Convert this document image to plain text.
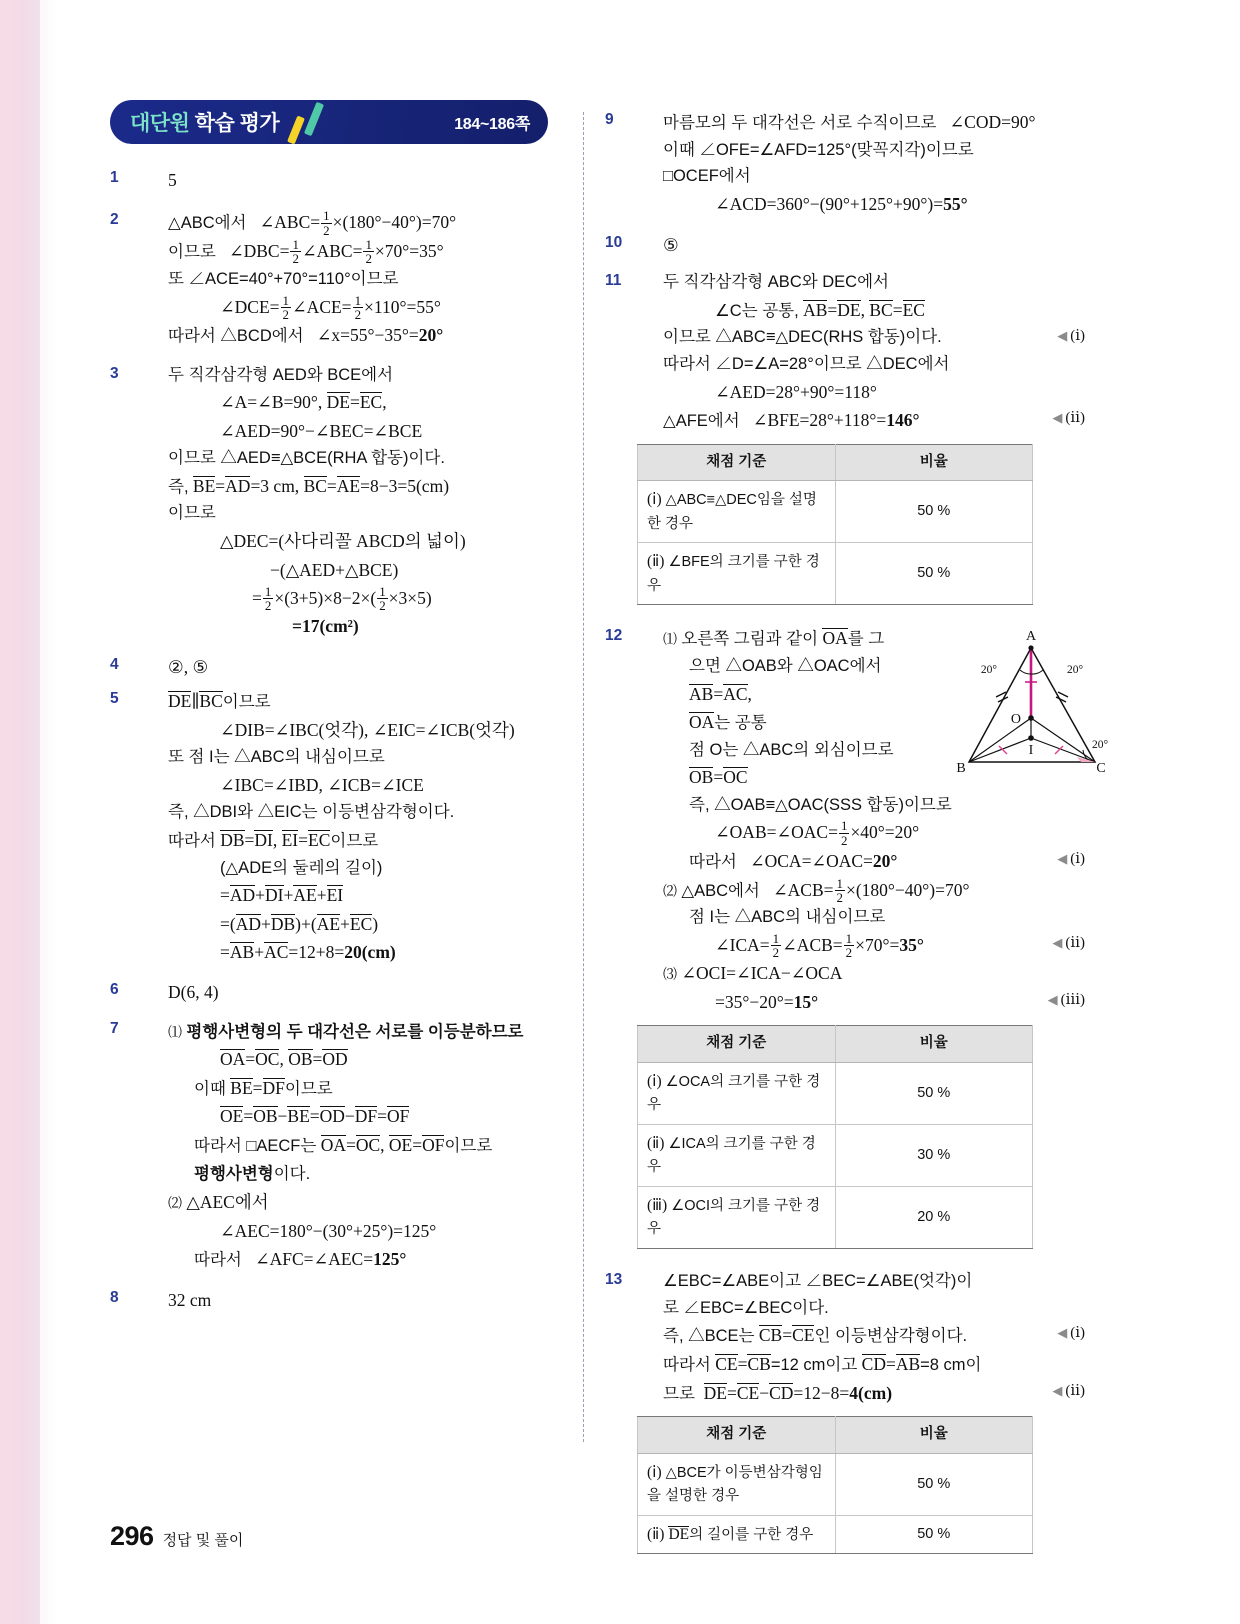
대단원 학습 평가	184~186쪽
1	5
2	△ABC에서 ∠ABC= $\frac{1}{2} \times(180^\circ-40^\circ)=70^\circ$
이므로 ∠DBC= $\frac{1}{2}$ ∠ABC= $\frac{1}{2} \times 70^\circ=35^\circ$
또 ∠ACE=40°+70°=110°이므로
∠DCE= $\frac{1}{2}$ ∠ACE= $\frac{1}{2} \times 110^\circ=55^\circ$
따라서 △BCD에서 ∠x=55°−35°=20°
3	두 직각삼각형 AED와 BCE에서
∠A=∠B=90°, DE=EC,
∠AED=90°−∠BEC=∠BCE
이므로 △AED≡△BCE(RHA 합동)이다.
즉, BE=AD=3 cm, BC=AE=8−3=5(cm)
이므로
△DEC=(사다리꼴 ABCD의 넓이)
−(△AED+△BCE)
= $\frac{1}{2} \times(3+5)\times 8-2\times( \frac{1}{2} \times 3\times 5)$
=17(cm²)
4	②, ⑤
5	DE∥BC이므로
∠DIB=∠IBC(엇각), ∠EIC=∠ICB(엇각)
또 점 I는 △ABC의 내심이므로
∠IBC=∠IBD, ∠ICB=∠ICE
즉, △DBI와 △EIC는 이등변삼각형이다.
따라서 DB=DI, EI=EC이므로
(△ADE의 둘레의 길이)
=AD+DI+AE+EI
=(AD+DB)+(AE+EC)
=AB+AC=12+8=20(cm)
6	D(6, 4)
7	⑴ 평행사변형의 두 대각선은 서로를 이등분하므로
OA=OC, OB=OD
이때 BE=DF이므로
OE=OB−BE=OD−DF=OF
따라서 □AECF는 OA=OC, OE=OF이므로
평행사변형이다.
⑵ △AEC에서
∠AEC=180°−(30°+25°)=125°
따라서 ∠AFC=∠AEC=125°
8	32 cm
9	마름모의 두 대각선은 서로 수직이므로 ∠COD=90°
이때 ∠OFE=∠AFD=125°(맞꼭지각)이므로
□OCEF에서
∠ACD=360°−(90°+125°+90°)=55°
10	⑤
11	두 직각삼각형 ABC와 DEC에서
∠C는 공통, AB=DE, BC=EC
이므로 △ABC≡△DEC(RHS 합동)이다.	◀ (ⅰ)
따라서 ∠D=∠A=28°이므로 △DEC에서
∠AED=28°+90°=118°
△AFE에서 ∠BFE=28°+118°=146°	◀ (ⅱ)
채점 기준	비율
(ⅰ) △ABC≡△DEC임을 설명한 경우	50 %
(ⅱ) ∠BFE의 크기를 구한 경우	50 %
12	A
B	C
O
I
20°	20°
20°
⑴ 오른쪽 그림과 같이 OA를 그
으면 △OAB와 △OAC에서
AB=AC,
OA는 공통
점 O는 △ABC의 외심이므로
OB=OC
즉, △OAB≡△OAC(SSS 합동)이므로
∠OAB=∠OAC= $\frac{1}{2} \times 40^\circ=20^\circ$
따라서 ∠OCA=∠OAC=20°	◀ (ⅰ)
⑵ △ABC에서 ∠ACB= $\frac{1}{2} \times(180^\circ-40^\circ)=70^\circ$
점 I는 △ABC의 내심이므로
∠ICA= $\frac{1}{2}$ ∠ACB= $\frac{1}{2} \times 70^\circ=35^\circ$	◀ (ⅱ)
⑶ ∠OCI=∠ICA−∠OCA
=35°−20°=15°	◀ (ⅲ)
채점 기준	비율
(ⅰ) ∠OCA의 크기를 구한 경우	50 %
(ⅱ) ∠ICA의 크기를 구한 경우	30 %
(ⅲ) ∠OCI의 크기를 구한 경우	20 %
13	∠EBC=∠ABE이고 ∠BEC=∠ABE(엇각)이
로 ∠EBC=∠BEC이다.
즉, △BCE는 CB=CE인 이등변삼각형이다.	◀ (ⅰ)
따라서 CE=CB=12 cm이고 CD=AB=8 cm이
므로 DE=CE−CD=12−8=4(cm)	◀ (ⅱ)
채점 기준	비율
(ⅰ) △BCE가 이등변삼각형임을 설명한 경우	50 %
(ⅱ) DE의 길이를 구한 경우	50 %
296 정답 및 풀이
